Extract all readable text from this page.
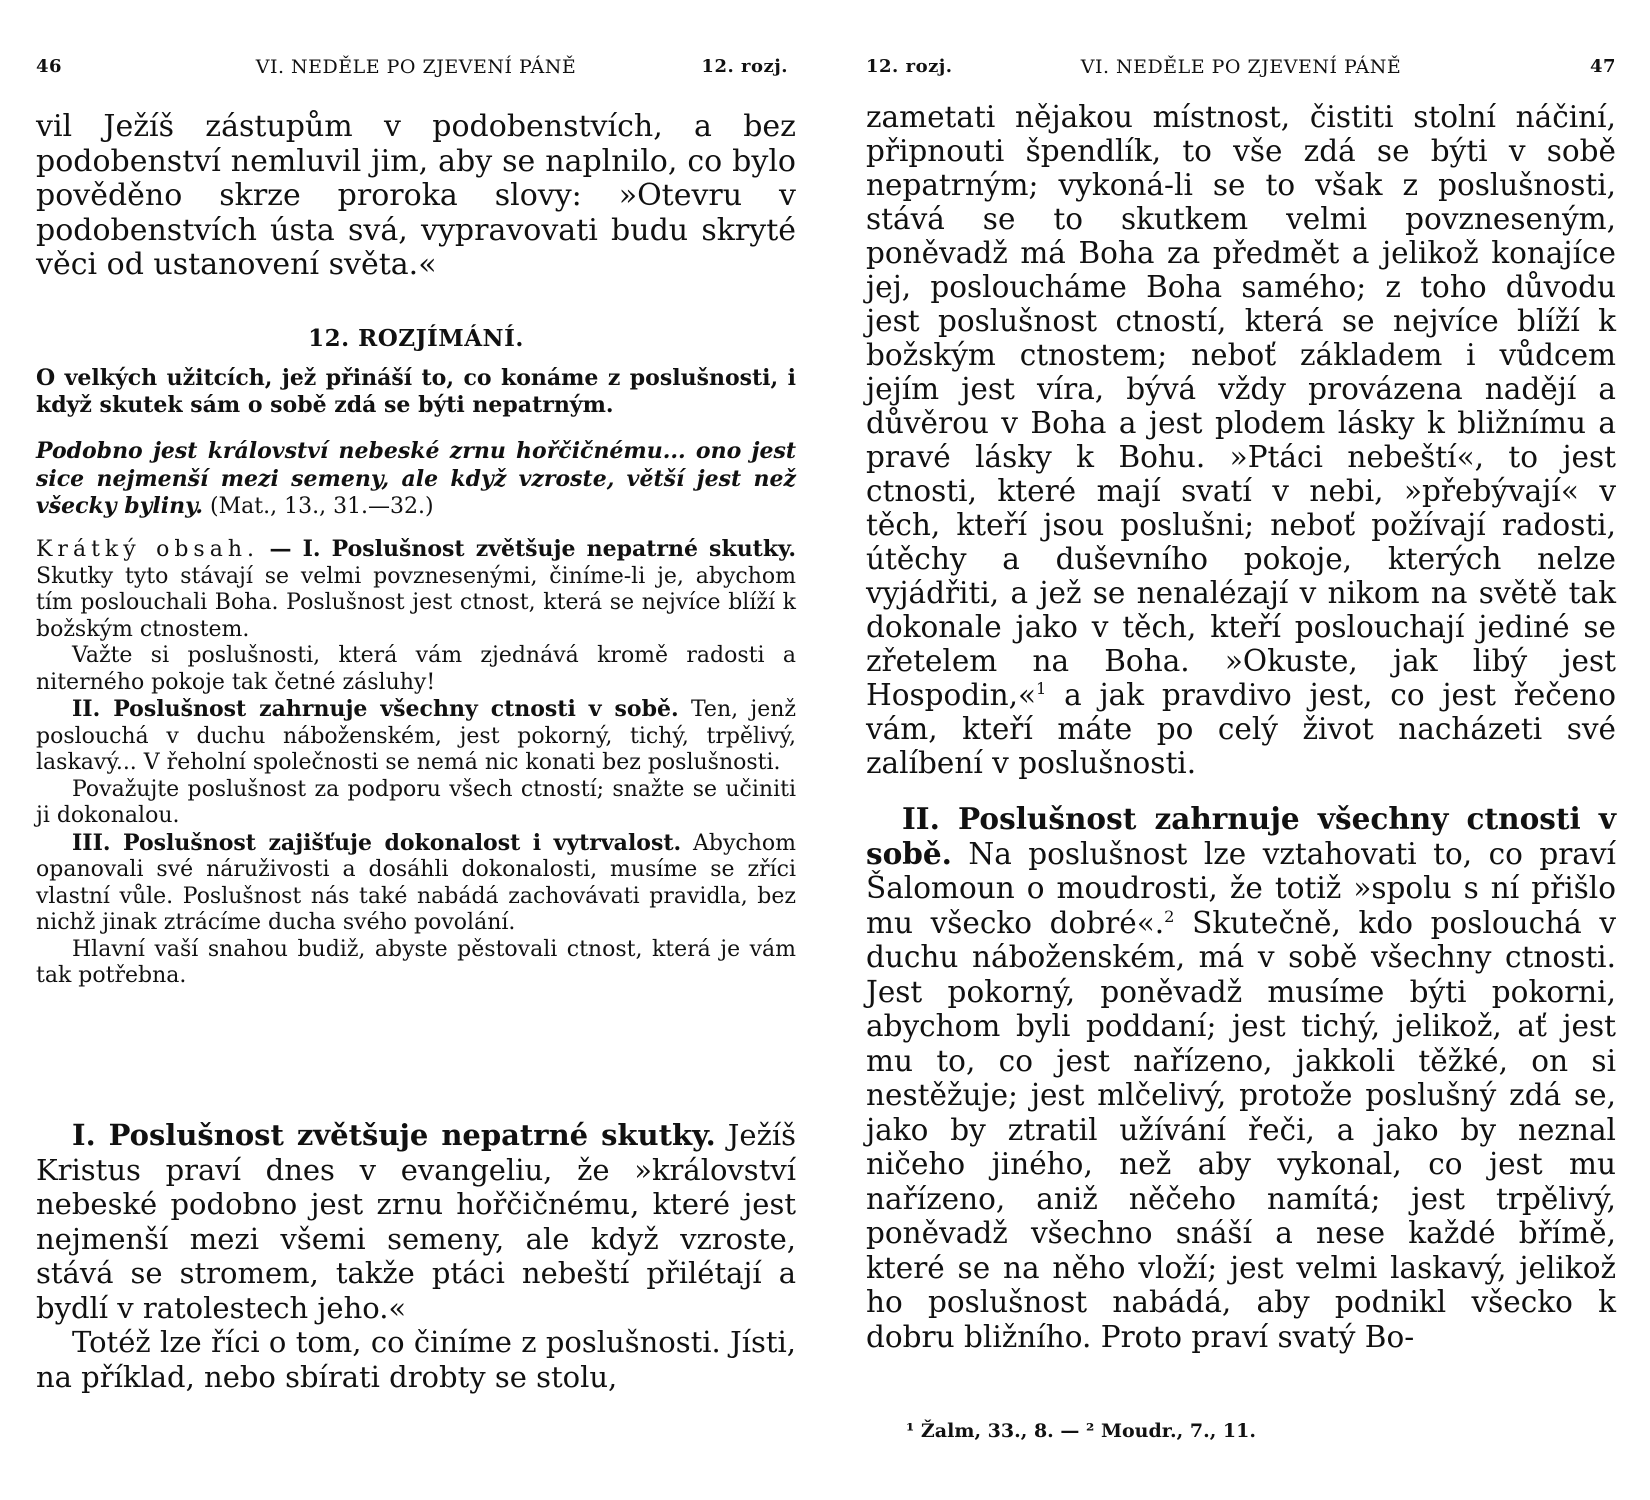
46	VI. NEDĚLE PO ZJEVENÍ PÁNĚ	12. rozj.

vil Ježíš zástupům v podobenstvích, a bez podobenství nemluvil jim, aby se naplnilo, co bylo pověděno skrze proroka slovy: »Otevru v podobenstvích ústa svá, vypravovati budu skryté věci od ustanovení světa.«

12. ROZJÍMÁNÍ.

O velkých užitcích, jež přináší to, co konáme z poslušnosti, i když skutek sám o sobě zdá se býti nepatrným.

Podobno jest království nebeské zrnu hořčičnému... ono jest sice nejmenší mezi semeny, ale když vzroste, větší jest než všecky byliny. (Mat., 13., 31.—32.)

Krátký obsah. — I. Poslušnost zvětšuje nepatrné skutky. Skutky tyto stávají se velmi povznesenými, činíme-li je, abychom tím poslouchali Boha. Poslušnost jest ctnost, která se nejvíce blíží k božským ctnostem.

Važte si poslušnosti, která vám zjednává kromě radosti a niterného pokoje tak četné zásluhy!

II. Poslušnost zahrnuje všechny ctnosti v sobě. Ten, jenž poslouchá v duchu náboženském, jest pokorný, tichý, trpělivý, laskavý... V řeholní společnosti se nemá nic konati bez poslušnosti.

Považujte poslušnost za podporu všech ctností; snažte se učiniti ji dokonalou.

III. Poslušnost zajišťuje dokonalost i vytrvalost. Abychom opanovali své náruživosti a dosáhli dokonalosti, musíme se zříci vlastní vůle. Poslušnost nás také nabádá zachovávati pravidla, bez nichž jinak ztrácíme ducha svého povolání.

Hlavní vaší snahou budiž, abyste pěstovali ctnost, která je vám tak potřebna.

I. Poslušnost zvětšuje nepatrné skutky. Ježíš Kristus praví dnes v evangeliu, že »království nebeské podobno jest zrnu hořčičnému, které jest nejmenší mezi všemi semeny, ale když vzroste, stává se stromem, takže ptáci nebeští přilétají a bydlí v ratolestech jeho.«

Totéž lze říci o tom, co činíme z poslušnosti. Jísti, na příklad, nebo sbírati drobty se stolu,

12. rozj.	VI. NEDĚLE PO ZJEVENÍ PÁNĚ	47

zametati nějakou místnost, čistiti stolní náčiní, připnouti špendlík, to vše zdá se býti v sobě nepatrným; vykoná-li se to však z poslušnosti, stává se to skutkem velmi povzneseným, poněvadž má Boha za předmět a jelikož konajíce jej, posloucháme Boha samého; z toho důvodu jest poslušnost ctností, která se nejvíce blíží k božským ctnostem; neboť základem i vůdcem jejím jest víra, bývá vždy provázena nadějí a důvěrou v Boha a jest plodem lásky k bližnímu a pravé lásky k Bohu. »Ptáci nebeští«, to jest ctnosti, které mají svatí v nebi, »přebývají« v těch, kteří jsou poslušni; neboť požívají radosti, útěchy a duševního pokoje, kterých nelze vyjádřiti, a jež se nenalézají v nikom na světě tak dokonale jako v těch, kteří poslouchají jediné se zřetelem na Boha. »Okuste, jak libý jest Hospodin,«$^1$ a jak pravdivo jest, co jest řečeno vám, kteří máte po celý život nacházeti své zalíbení v poslušnosti.

II. Poslušnost zahrnuje všechny ctnosti v sobě. Na poslušnost lze vztahovati to, co praví Šalomoun o moudrosti, že totiž »spolu s ní přišlo mu všecko dobré«.$^2$ Skutečně, kdo poslouchá v duchu náboženském, má v sobě všechny ctnosti. Jest pokorný, poněvadž musíme býti pokorni, abychom byli poddaní; jest tichý, jelikož, ať jest mu to, co jest nařízeno, jakkoli těžké, on si nestěžuje; jest mlčelivý, protože poslušný zdá se, jako by ztratil užívání řeči, a jako by neznal ničeho jiného, než aby vykonal, co jest mu nařízeno, aniž něčeho namítá; jest trpělivý, poněvadž všechno snáší a nese každé břímě, které se na něho vloží; jest velmi laskavý, jelikož ho poslušnost nabádá, aby podnikl všecko k dobru bližního. Proto praví svatý Bo-

¹ Žalm, 33., 8. — ² Moudr., 7., 11.
